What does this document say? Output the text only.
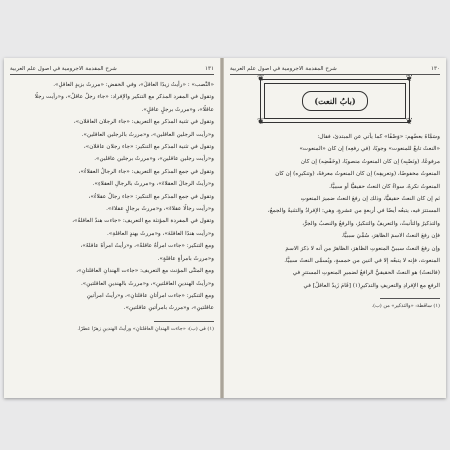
١٣١
شرح المقدمة الآجرومية في أصول علم العربية
«النَّصب» : «رأيتُ زيدًا العاقلَ»، وفي الخفض: «مررتُ بزيدٍ العاقلِ».
وتقول في المفرد المذكر مع التنكير والإفراد: «جاء رجلٌ عاقلٌ»، و«رأيت رجلًا
عاقلًا»، و«مررتُ برجلٍ عاقلٍ».
وتقول في تثنية المذكر مع التعريف: «جاء الرجلان العاقلان»،
و«رأيت الرجلين العاقلين»، و«مررتُ بالرجلين العاقلين».
وتقول في تثنية المذكر مع التنكير: «جاء رجلان عاقلان»،
و«رأيت رجلين عاقلين»، و«مررتُ برجلين عاقلين».
وتقول في جمع المذكر مع التعريف: «جاء الرجالُ العقلاءُ»،
و«رأيتُ الرجالَ العقلاءَ»، و«مررتُ بالرجالِ العقلاءِ».
وتقول في جمع المذكر مع التنكير: «جاء رجالٌ عقلاءُ»،
و«رأيت رجالًا عقلاءَ»، و«مررتُ برجالٍ عقلاءَ».
وتقول في المفردة المؤنثة مع التعريف: «جاءت هندٌ العاقلةُ»،
و«رأيت هندًا العاقلةَ»، و«مررتُ بهندٍ العاقلةِ».
ومع التنكير: «جاءت امرأةٌ عاقلةٌ»، و«رأيتُ امرأةً عاقلةً»،
و«مررتُ بامرأةٍ عاقلةٍ».
ومع المثنَّى المؤنث مع التعريف: «جاءت الهندانِ العاقلتانِ»،
و«رأيتُ الهندينِ العاقلتينِ»، و«مررتُ بالهندينِ العاقلتينِ».
ومع التنكير: «جاءت امرأتانِ عاقلتانِ»، و«رأيتُ امرأتينِ
عاقلتينِ»، و«مررتُ بامرأتينِ عاقلتينِ».
(١) في (ب): «جاءت الهندانِ العاقلتانِ» ورأيتُ الهندينِ زهرًا عطرًا.
١٣٠
شرح المقدمة الآجرومية في أصول علم العربية
❦	❦
❦	❦
(بابُ النعت)
وسَمَّاهُ بعضُهم: «وَصْفًا» كما يأتي عن المبتدئ، فقال:
«النعتُ تابعٌ للمنعوت» وجوبًا، (في رفعِه) إن كان «المنعوت»
مرفوعًا، (ونَصْبِه) إن كان المنعوتُ منصوبًا، (وخَفْضِه) إن كان
المنعوتُ مخفوضًا، (وتعريفِه) إن كان المنعوتُ معرفةً، (وتنكيرِه) إن كان
المنعوتُ نكرةً، سواءٌ كان النعتُ حقيقيًّا أو سببيًّا.
ثم إن كان النعتُ حقيقيًّا، وذلك إن رفعَ النعتُ ضميرَ المنعوتِ
المستترَ فيه، يتبعُه أيضًا في أربعةٍ من عشرةٍ، وهي: الإفرادُ والتثنيةُ والجمعُ،
والتذكيرُ والتأنيثُ، والتعريفُ والتنكيرُ، والرفعُ والنصبُ والجرُّ،
فإن رفعَ النعتُ الاسمَ الظاهرَ، سُمِّيَ سببيًّا.
وإن رفعَ النعتُ سببيَّ المنعوتِ الظاهرَ، الظاهرُ من أنه لا ذكرَ الاسمَ
المنعوتَ، فإنه لا يتبعُه إلا في اثنين من خمسةٍ، ويُسمَّى النعتُ سببيًّا.
(فالنعتُ) هو النعتُ الحقيقيُّ الرافعُ لضميرِ المنعوتِ المستترِ في
الرفعِ مع الإفرادِ والتعريفِ والتذكيرِ(١) [قَامَ زَيدٌ العاقلُ] في
(١) ساقطة: «والتذكير» من (ب).
